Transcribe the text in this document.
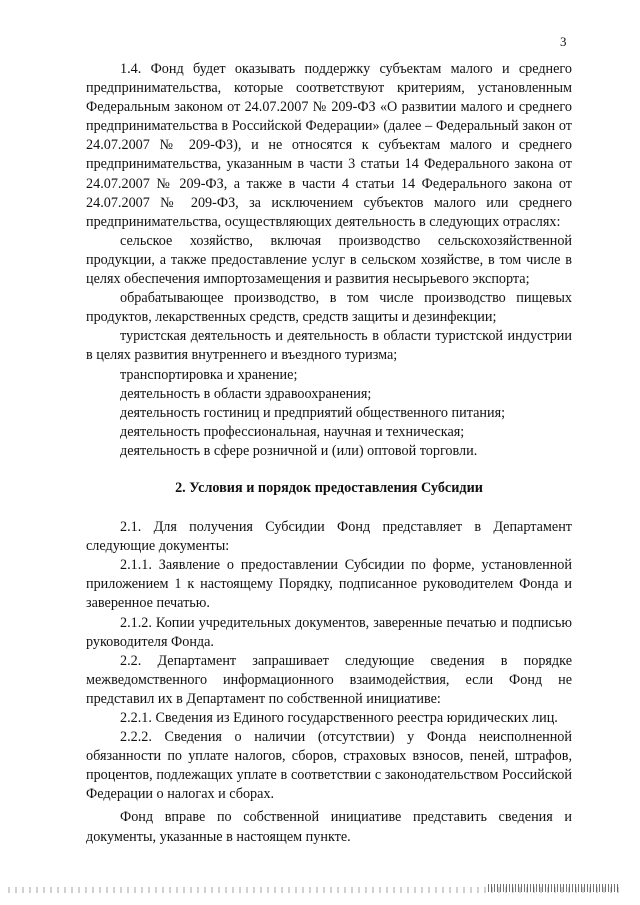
3

1.4. Фонд будет оказывать поддержку субъектам малого и среднего предпринимательства, которые соответствуют критериям, установленным Федеральным законом от 24.07.2007 № 209-ФЗ «О развитии малого и среднего предпринимательства в Российской Федерации» (далее – Федеральный закон от 24.07.2007 № 209-ФЗ), и не относятся к субъектам малого и среднего предпринимательства, указанным в части 3 статьи 14 Федерального закона от 24.07.2007 № 209-ФЗ, а также в части 4 статьи 14 Федерального закона от 24.07.2007 № 209-ФЗ, за исключением субъектов малого или среднего предпринимательства, осуществляющих деятельность в следующих отраслях:

сельское хозяйство, включая производство сельскохозяйственной продукции, а также предоставление услуг в сельском хозяйстве, в том числе в целях обеспечения импортозамещения и развития несырьевого экспорта;

обрабатывающее производство, в том числе производство пищевых продуктов, лекарственных средств, средств защиты и дезинфекции;

туристская деятельность и деятельность в области туристской индустрии в целях развития внутреннего и въездного туризма;

транспортировка и хранение;

деятельность в области здравоохранения;

деятельность гостиниц и предприятий общественного питания;

деятельность профессиональная, научная и техническая;

деятельность в сфере розничной и (или) оптовой торговли.

2. Условия и порядок предоставления Субсидии

2.1. Для получения Субсидии Фонд представляет в Департамент следующие документы:

2.1.1. Заявление о предоставлении Субсидии по форме, установленной приложением 1 к настоящему Порядку, подписанное руководителем Фонда и заверенное печатью.

2.1.2. Копии учредительных документов, заверенные печатью и подписью руководителя Фонда.

2.2. Департамент запрашивает следующие сведения в порядке межведомственного информационного взаимодействия, если Фонд не представил их в Департамент по собственной инициативе:

2.2.1. Сведения из Единого государственного реестра юридических лиц.

2.2.2. Сведения о наличии (отсутствии) у Фонда неисполненной обязанности по уплате налогов, сборов, страховых взносов, пеней, штрафов, процентов, подлежащих уплате в соответствии с законодательством Российской Федерации о налогах и сборах.

Фонд вправе по собственной инициативе представить сведения и документы, указанные в настоящем пункте.
